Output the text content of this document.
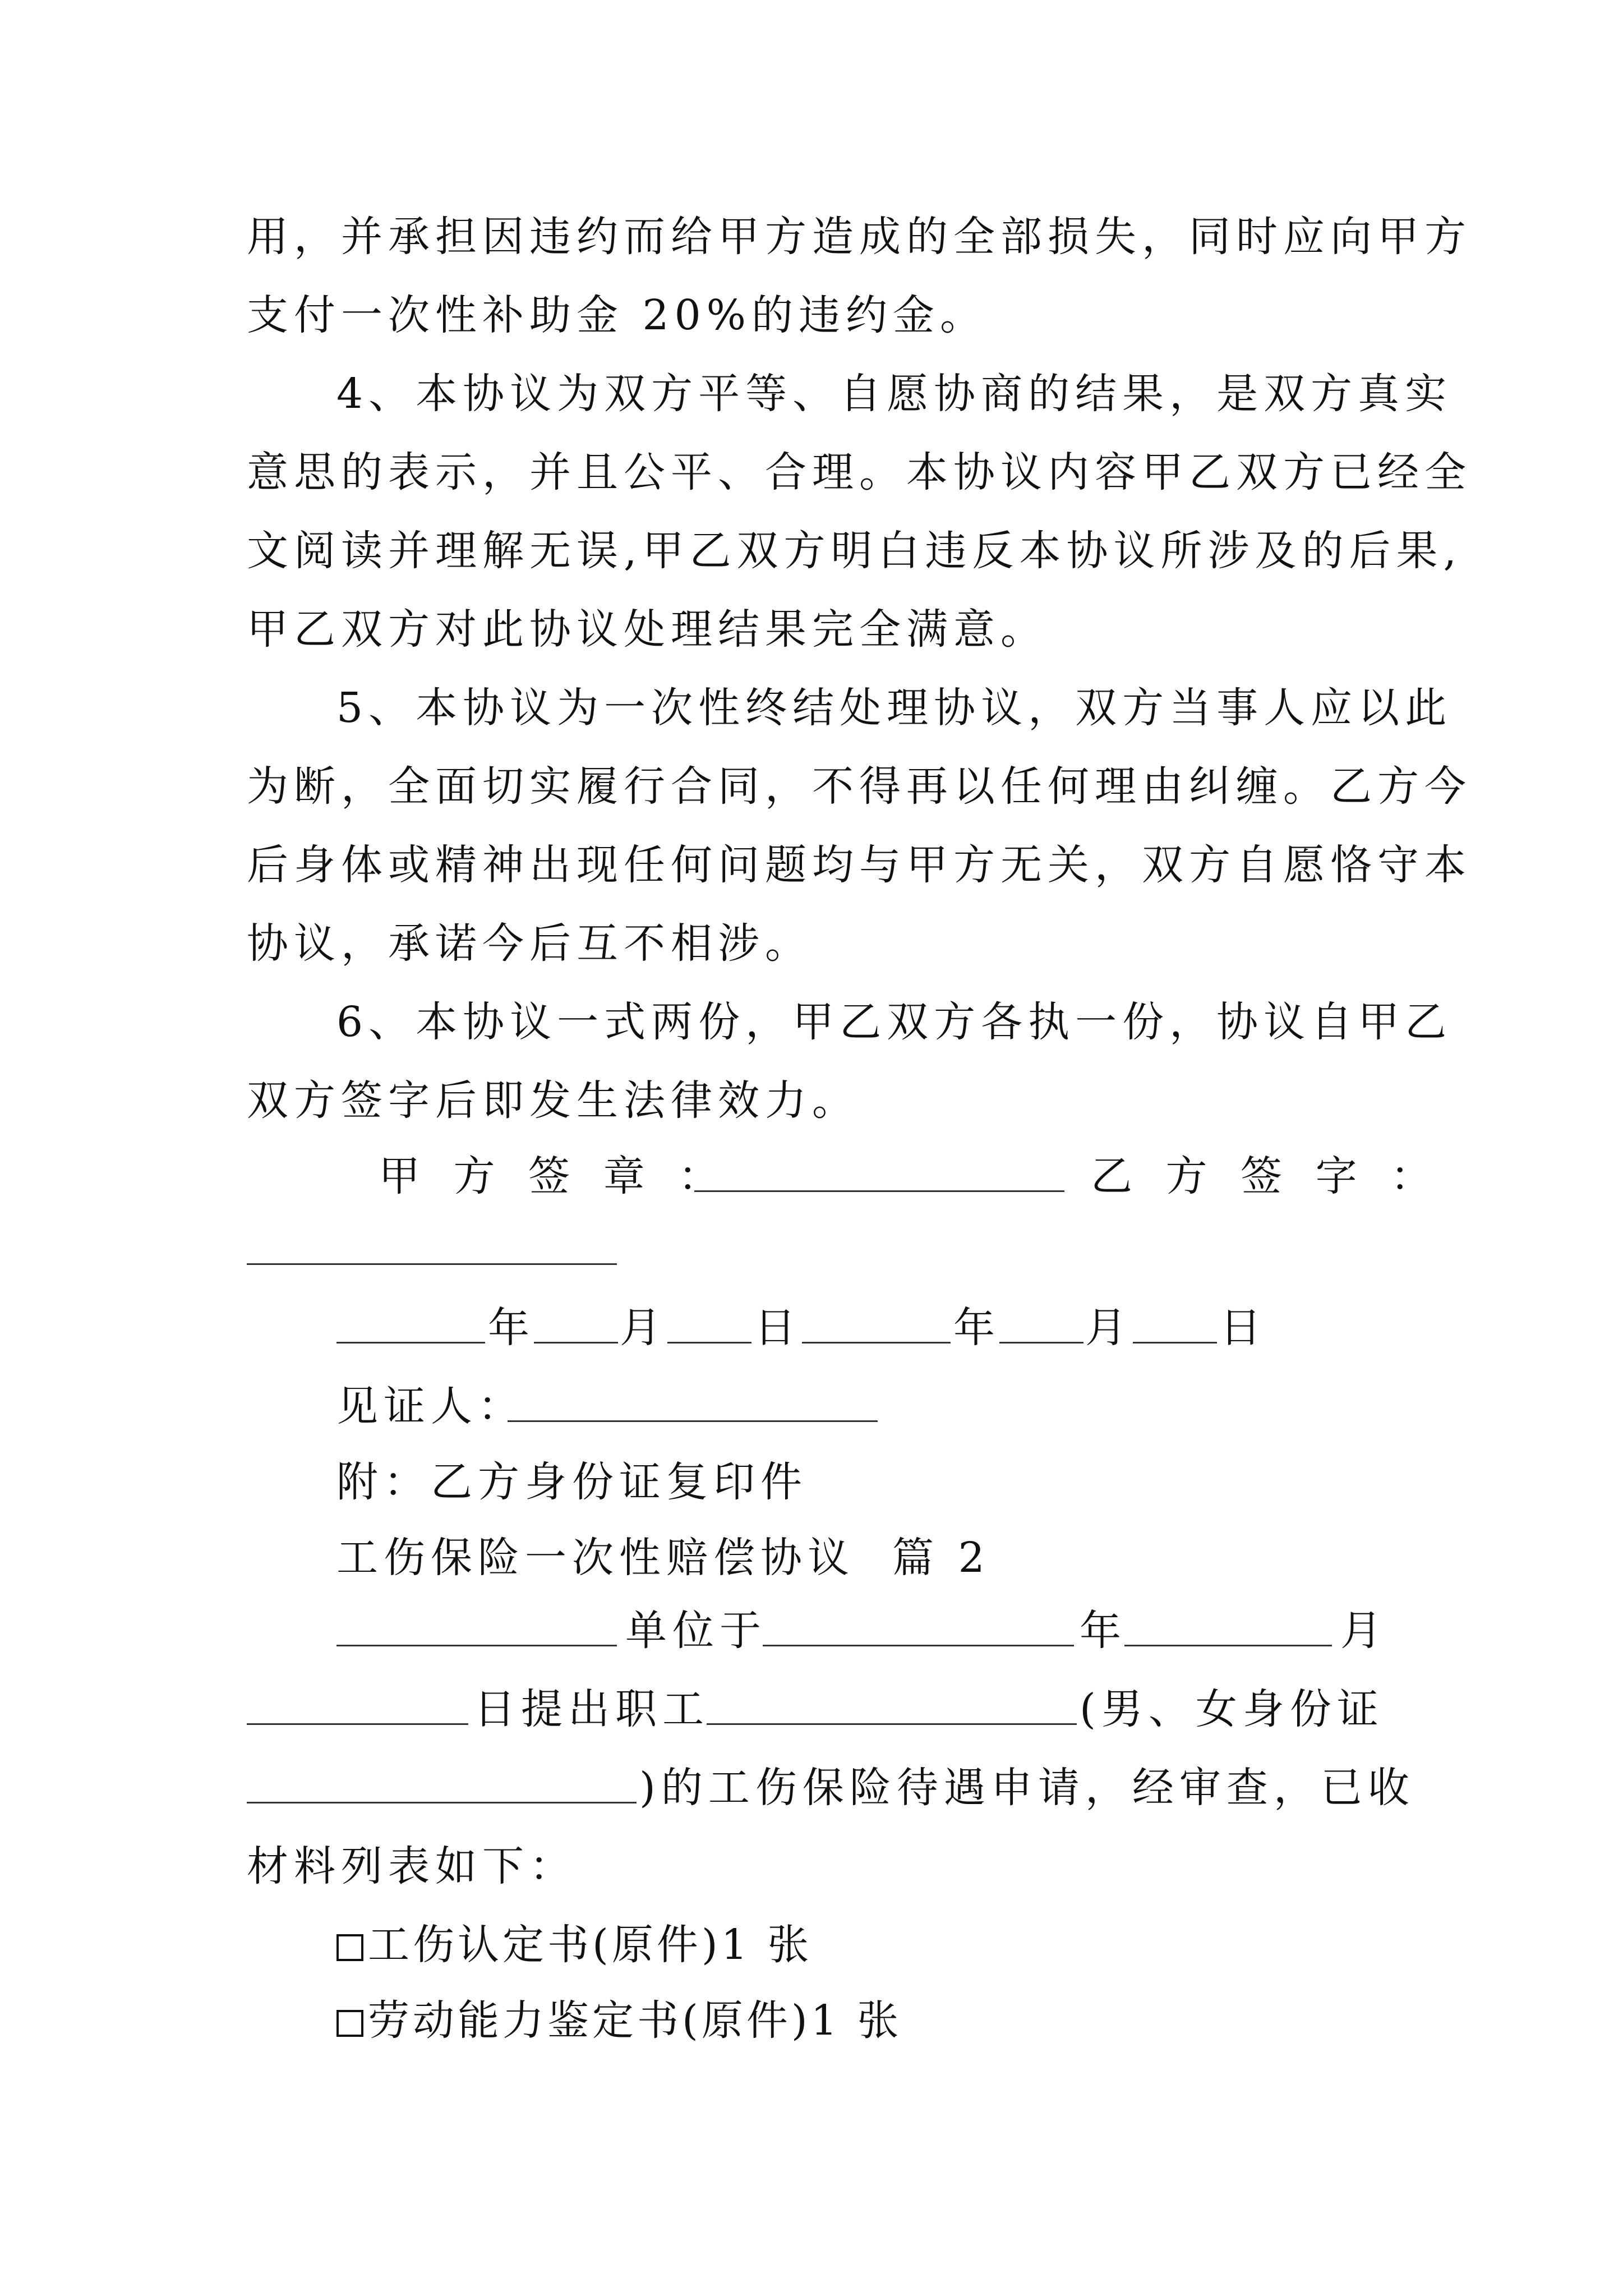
用，并承担因违约而给甲方造成的全部损失，同时应向甲方
支付一次性补助金 20%的违约金。
4、本协议为双方平等、自愿协商的结果，是双方真实
意思的表示，并且公平、合理。本协议内容甲乙双方已经全
文阅读并理解无误,甲乙双方明白违反本协议所涉及的后果,
甲乙双方对此协议处理结果完全满意。
5、本协议为一次性终结处理协议，双方当事人应以此
为断，全面切实履行合同，不得再以任何理由纠缠。乙方今
后身体或精神出现任何问题均与甲方无关，双方自愿恪守本
协议，承诺今后互不相涉。
6、本协议一式两份，甲乙双方各执一份，协议自甲乙
双方签字后即发生法律效力。
甲 方 签 章 ：	乙 方 签 字 ：
年 月 日	年 月 日
见证人：
附：乙方身份证复印件
工伤保险一次性赔偿协议  篇 2
单位于	年	月
日提出职工	(男、女身份证
)的工伤保险待遇申请，经审查，已收
材料列表如下：
工伤认定书(原件)1 张
劳动能力鉴定书(原件)1 张
